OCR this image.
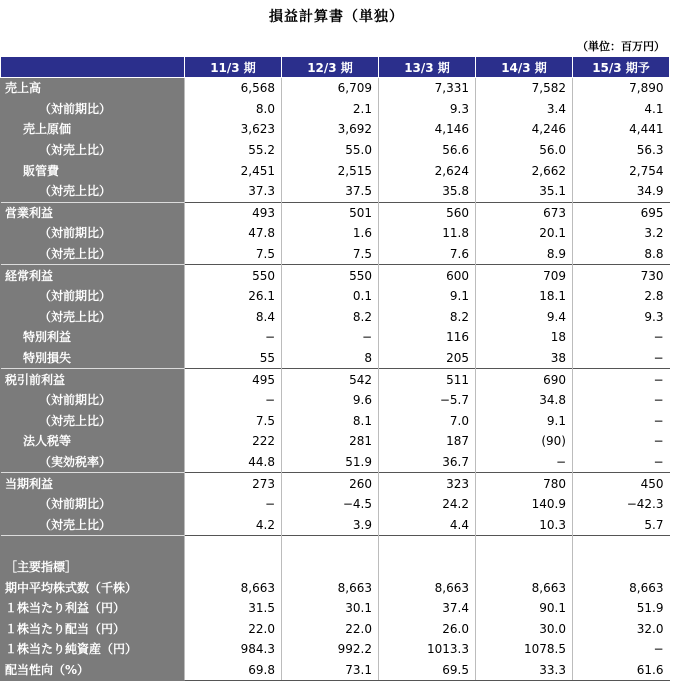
損益計算書（単独）
（単位：百万円）
	11/3 期	12/3 期	13/3 期	14/3 期	15/3 期予
売上高	6,568	6,709	7,331	7,582	7,890
（対前期比）	8.0	2.1	9.3	3.4	4.1
売上原価	3,623	3,692	4,146	4,246	4,441
（対売上比）	55.2	55.0	56.6	56.0	56.3
販管費	2,451	2,515	2,624	2,662	2,754
（対売上比）	37.3	37.5	35.8	35.1	34.9
営業利益	493	501	560	673	695
（対前期比）	47.8	1.6	11.8	20.1	3.2
（対売上比）	7.5	7.5	7.6	8.9	8.8
経常利益	550	550	600	709	730
（対前期比）	26.1	0.1	9.1	18.1	2.8
（対売上比）	8.4	8.2	8.2	9.4	9.3
特別利益	−	−	116	18	−
特別損失	55	8	205	38	−
税引前利益	495	542	511	690	−
（対前期比）	−	9.6	−5.7	34.8	−
（対売上比）	7.5	8.1	7.0	9.1	−
法人税等	222	281	187	(90)	−
（実効税率）	44.8	51.9	36.7	−	−
当期利益	273	260	323	780	450
（対前期比）	−	−4.5	24.2	140.9	−42.3
（対売上比）	4.2	3.9	4.4	10.3	5.7

［主要指標］					
期中平均株式数（千株）	8,663	8,663	8,663	8,663	8,663
１株当たり利益（円）	31.5	30.1	37.4	90.1	51.9
１株当たり配当（円）	22.0	22.0	26.0	30.0	32.0
１株当たり純資産（円）	984.3	992.2	1013.3	1078.5	−
配当性向（%）	69.8	73.1	69.5	33.3	61.6
